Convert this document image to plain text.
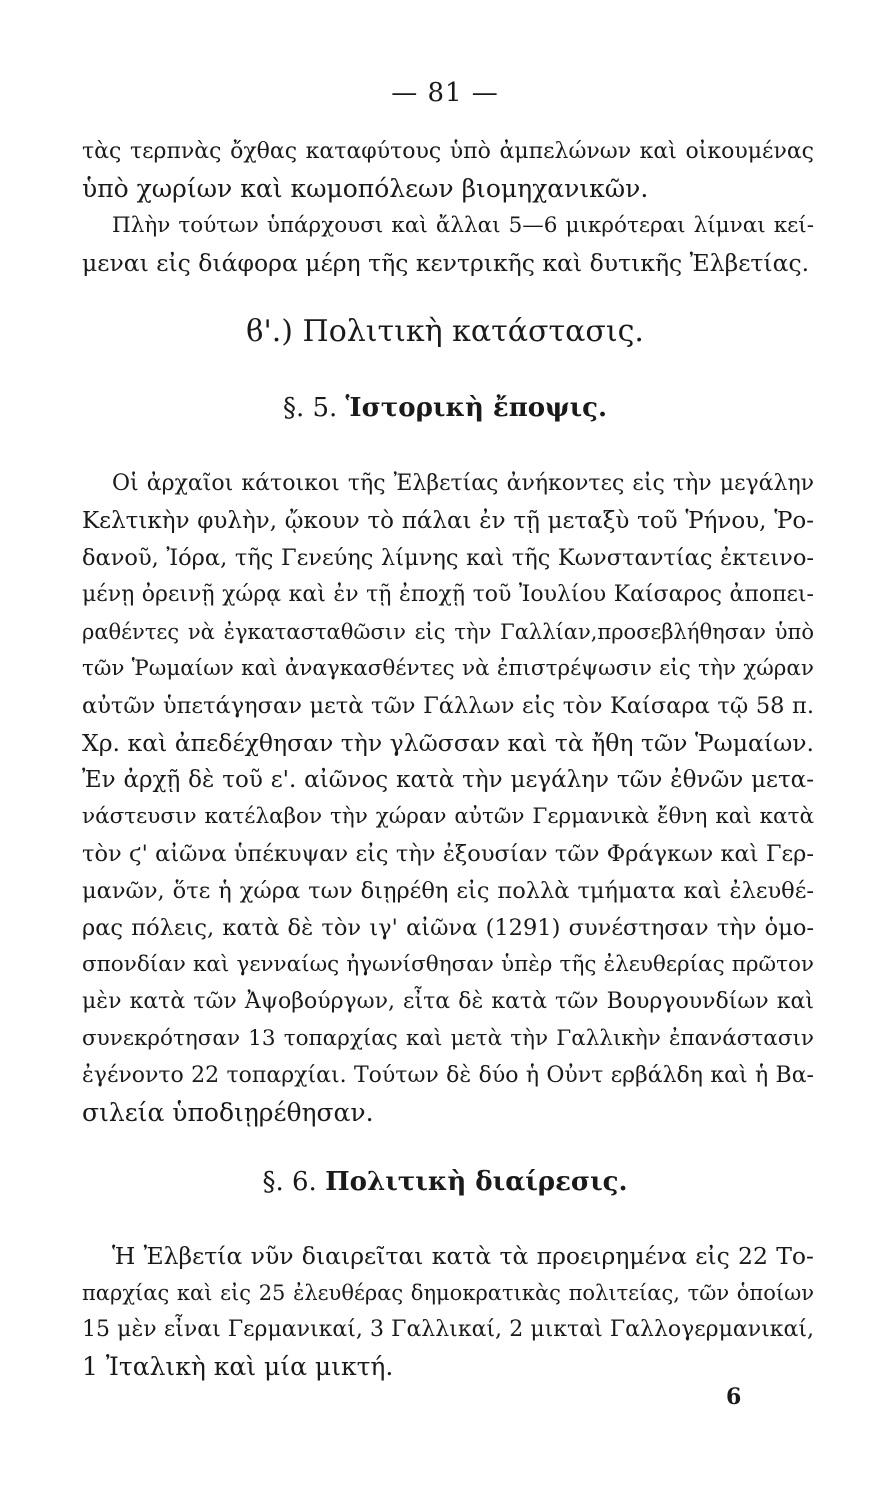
— 81 —
τὰς τερπνὰς ὄχθας καταφύτους ὑπὸ ἀμπελώνων καὶ οἰκουμένας
ὑπὸ χωρίων καὶ κωμοπόλεων βιομηχανικῶν.
Πλὴν τούτων ὑπάρχουσι καὶ ἄλλαι 5—6 μικρότεραι λίμναι κεί-
μεναι εἰς διάφορα μέρη τῆς κεντρικῆς καὶ δυτικῆς Ἐλβετίας.
ϐ'.) Πολιτικὴ κατάστασις.
§. 5. Ἱστορικὴ ἔποψις.
Οἱ ἀρχαῖοι κάτοικοι τῆς Ἐλβετίας ἀνήκοντες εἰς τὴν μεγάλην
Κελτικὴν φυλὴν, ᾤκουν τὸ πάλαι ἐν τῇ μεταξὺ τοῦ Ῥήνου, Ῥο-
δανοῦ, Ἰόρα, τῆς Γενεύης λίμνης καὶ τῆς Κωνσταντίας ἐκτεινο-
μένῃ ὀρεινῇ χώρᾳ καὶ ἐν τῇ ἐποχῇ τοῦ Ἰουλίου Καίσαρος ἀποπει-
ραθέντες νὰ ἐγκατασταθῶσιν εἰς τὴν Γαλλίαν,προσεβλήθησαν ὑπὸ
τῶν Ῥωμαίων καὶ ἀναγκασθέντες νὰ ἐπιστρέψωσιν εἰς τὴν χώραν
αὐτῶν ὑπετάγησαν μετὰ τῶν Γάλλων εἰς τὸν Καίσαρα τῷ 58 π.
Χρ. καὶ ἀπεδέχθησαν τὴν γλῶσσαν καὶ τὰ ἤθη τῶν Ῥωμαίων.
Ἐν ἀρχῇ δὲ τοῦ ε'. αἰῶνος κατὰ τὴν μεγάλην τῶν ἐθνῶν μετα-
νάστευσιν κατέλαβον τὴν χώραν αὐτῶν Γερμανικὰ ἔθνη καὶ κατὰ
τὸν ϛ' αἰῶνα ὑπέκυψαν εἰς τὴν ἐξουσίαν τῶν Φράγκων καὶ Γερ-
μανῶν, ὅτε ἡ χώρα των διῃρέθη εἰς πολλὰ τμήματα καὶ ἐλευθέ-
ρας πόλεις, κατὰ δὲ τὸν ιγ' αἰῶνα (1291) συνέστησαν τὴν ὁμο-
σπονδίαν καὶ γενναίως ἠγωνίσθησαν ὑπὲρ τῆς ἐλευθερίας πρῶτον
μὲν κατὰ τῶν Ἀψοβούργων, εἶτα δὲ κατὰ τῶν Βουργουνδίων καὶ
συνεκρότησαν 13 τοπαρχίας καὶ μετὰ τὴν Γαλλικὴν ἐπανάστασιν
ἐγένοντο 22 τοπαρχίαι. Τούτων δὲ δύο ἡ Οὐντ ερβάλδη καὶ ἡ Βα-
σιλεία ὑποδιῃρέθησαν.
§. 6. Πολιτικὴ διαίρεσις.
Ἡ Ἐλβετία νῦν διαιρεῖται κατὰ τὰ προειρημένα εἰς 22 Το-
παρχίας καὶ εἰς 25 ἐλευθέρας δημοκρατικὰς πολιτείας, τῶν ὁποίων
15 μὲν εἶναι Γερμανικαί, 3 Γαλλικαί, 2 μικταὶ Γαλλογερμανικαί,
1 Ἰταλικὴ καὶ μία μικτή.
6
